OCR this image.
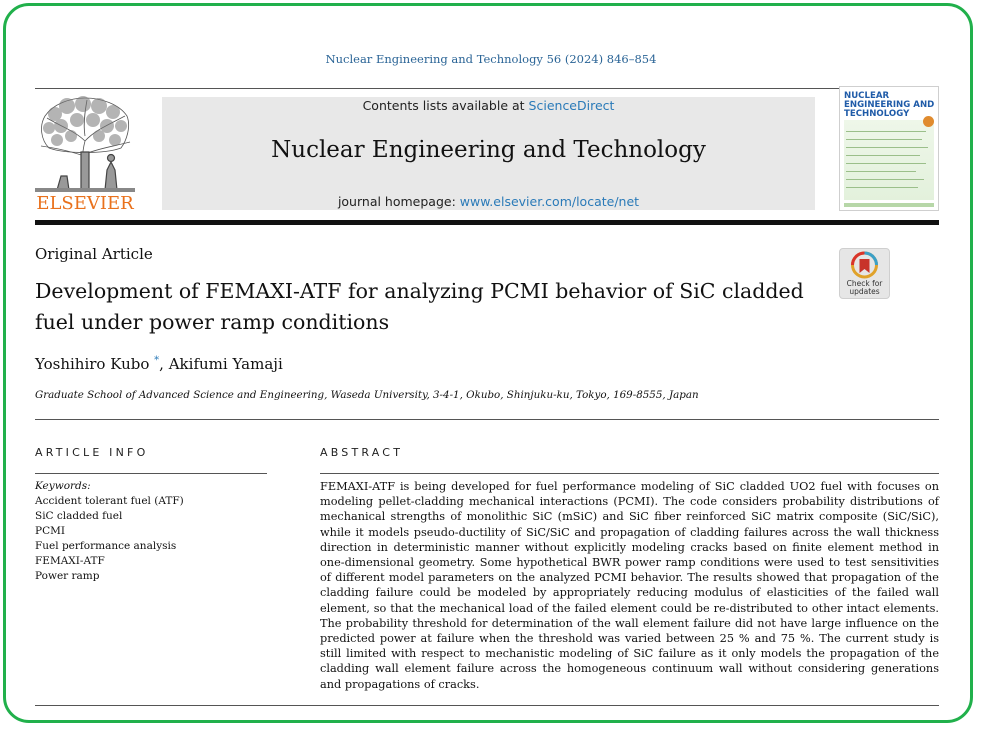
Nuclear Engineering and Technology 56 (2024) 846–854
ELSEVIER
Contents lists available at ScienceDirect
Nuclear Engineering and Technology
journal homepage: www.elsevier.com/locate/net
NUCLEAR ENGINEERING AND TECHNOLOGY
Original Article
Development of FEMAXI-ATF for analyzing PCMI behavior of SiC cladded fuel under power ramp conditions
Check for
updates
Yoshihiro Kubo *, Akifumi Yamaji
Graduate School of Advanced Science and Engineering, Waseda University, 3-4-1, Okubo, Shinjuku-ku, Tokyo, 169-8555, Japan
ARTICLE INFO	ABSTRACT
Keywords:
Accident tolerant fuel (ATF)
SiC cladded fuel
PCMI
Fuel performance analysis
FEMAXI-ATF
Power ramp

FEMAXI-ATF is being developed for fuel performance modeling of SiC cladded UO2 fuel with focuses on modeling pellet-cladding mechanical interactions (PCMI). The code considers probability distributions of mechanical strengths of monolithic SiC (mSiC) and SiC fiber reinforced SiC matrix composite (SiC/SiC), while it models pseudo-ductility of SiC/SiC and propagation of cladding failures across the wall thickness direction in deterministic manner without explicitly modeling cracks based on finite element method in one-dimensional geometry. Some hypothetical BWR power ramp conditions were used to test sensitivities of different model parameters on the analyzed PCMI behavior. The results showed that propagation of the cladding failure could be modeled by appropriately reducing modulus of elasticities of the failed wall element, so that the mechanical load of the failed element could be re-distributed to other intact elements. The probability threshold for determination of the wall element failure did not have large influence on the predicted power at failure when the threshold was varied between 25 % and 75 %. The current study is still limited with respect to mechanistic modeling of SiC failure as it only models the propagation of the cladding wall element failure across the homogeneous continuum wall without considering generations and propagations of cracks.
